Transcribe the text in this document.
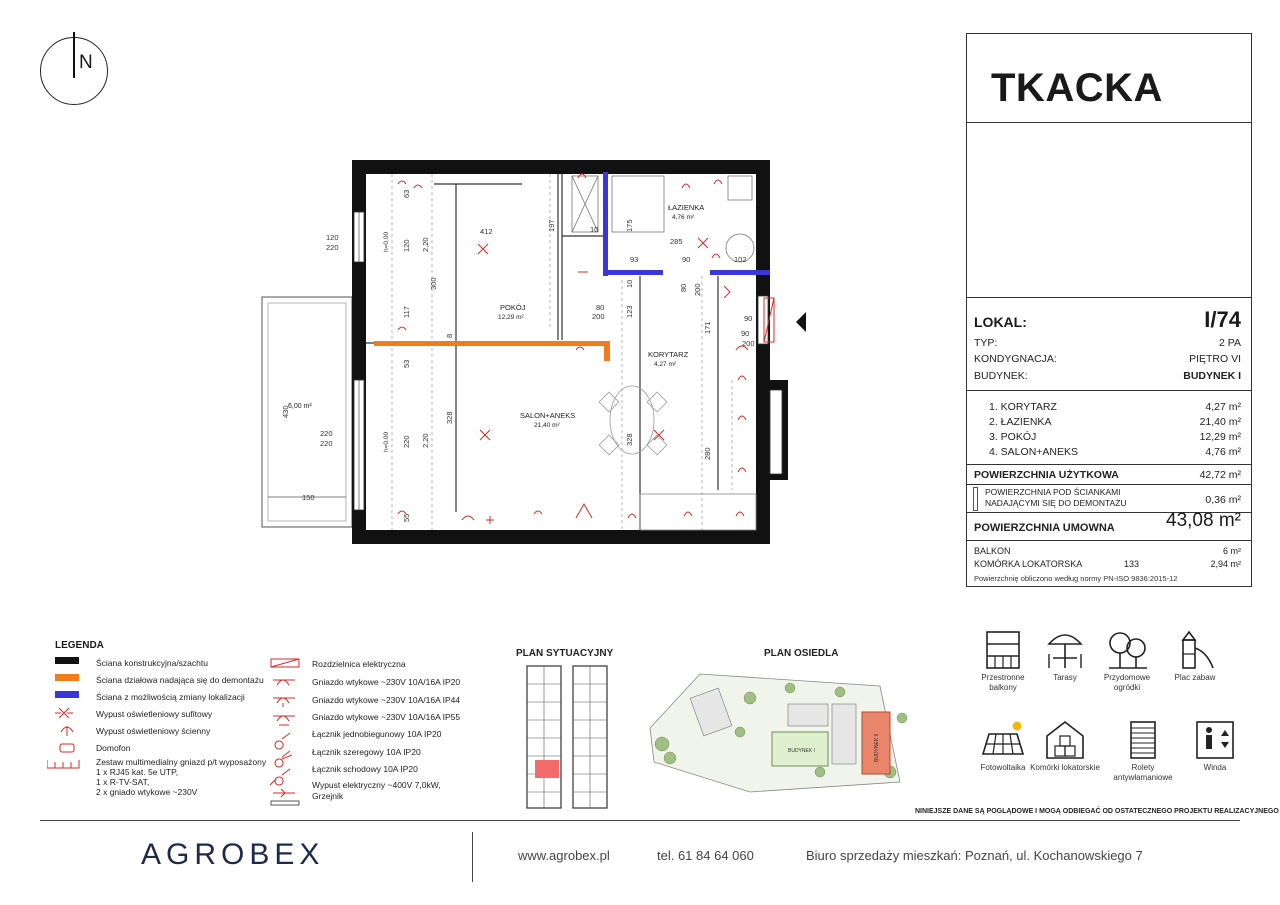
N
ŁAZIENKA
4,76 m²
POKÓJ
12,29 m²
KORYTARZ
4,27 m²
SALON+ANEKS
21,40 m²
6,00 m²
63
120 2,20
117
53
220 2,20
55
412
300
197	10	175
285
93	90	102
90
123
10	80 200
80
200
171
90
200
8
328
328
280
120
220
220
220
430
150
h=0,00
h=0,00
TKACKA
LOKAL:	I/74
TYP:	2 PA
KONDYGNACJA:	PIĘTRO VI
BUDYNEK:	BUDYNEK I
1. KORYTARZ	4,27 m²
2. ŁAZIENKA	21,40 m²
3. POKÓJ	12,29 m²
4. SALON+ANEKS	4,76 m²
POWIERZCHNIA UŻYTKOWA	42,72 m²
POWIERZCHNIA POD ŚCIANKAMI
NADAJĄCYMI SIĘ DO DEMONTAŻU	0,36 m²
POWIERZCHNIA UMOWNA	43,08 m²
BALKON	6 m²
KOMÓRKA LOKATORSKA	133	2,94 m²
Powierzchnię obliczono według normy PN-ISO 9836:2015-12
LEGENDA
Ściana konstrukcyjna/szachtu
Ściana działowa nadająca się do demontażu
Ściana z możliwością zmiany lokalizacji
Wypust oświetleniowy sufitowy
Wypust oświetleniowy ścienny
Domofon
Zestaw multimedialny gniazd p/t wyposażony
1 x RJ45 kat. 5e UTP,
1 x R-TV-SAT,
2 x gniado wtykowe ~230V
Rozdzielnica elektryczna
Gniazdo wtykowe ~230V 10A/16A IP20
Gniazdo wtykowe ~230V 10A/16A IP44
Gniazdo wtykowe ~230V 10A/16A IP55
Łącznik jednobiegunowy 10A IP20
Łącznik szeregowy 10A IP20
Łącznik schodowy 10A IP20
Wypust elektryczny ~400V 7,0kW,
Grzejnik
PLAN SYTUACYJNY	PLAN OSIEDLA
BUDYNEK I	BUDYNEK II
Przestronne balkony
Tarasy	Przydomowe ogródki
Plac zabaw
Fotowoltaika Komórki lokatorskie	Rolety antywłamaniowe
Winda
NINIEJSZE DANE SĄ POGLĄDOWE I MOGĄ ODBIEGAĆ OD OSTATECZNEGO PROJEKTU REALIZACYJNEGO
AGROBEX	www.agrobex.pl	tel. 61 84 64 060	Biuro sprzedaży mieszkań: Poznań, ul. Kochanowskiego 7
